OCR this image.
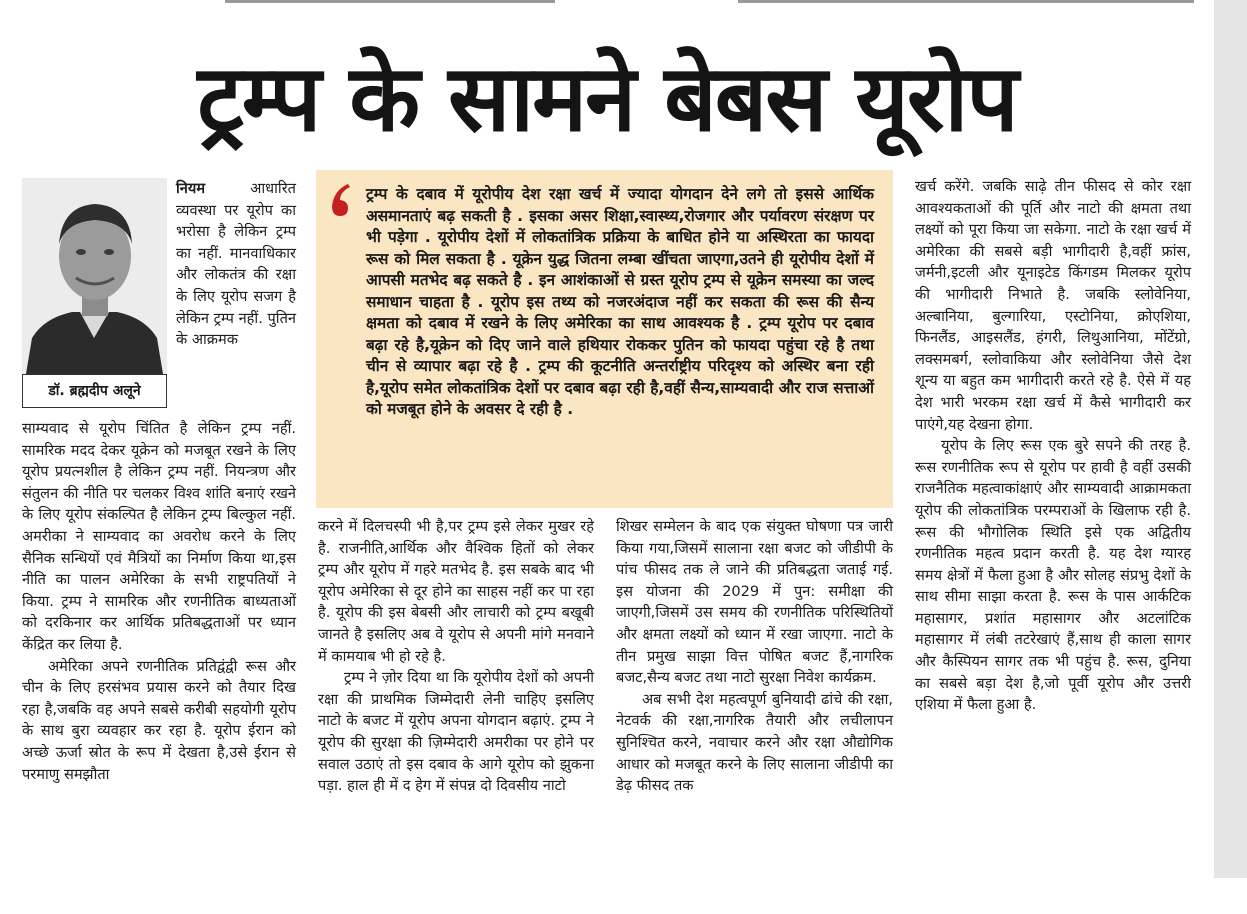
ट्रम्प के सामने बेबस यूरोप
डॉ. ब्रह्मदीप अलूने

नियम	आधारित व्यवस्था पर यूरोप का भरोसा है लेकिन ट्रम्प का नहीं. मानवाधिकार और लोकतंत्र की रक्षा के लिए यूरोप सजग है लेकिन ट्रम्प नहीं. पुतिन के आक्रमक

साम्यवाद से यूरोप चिंतित है लेकिन ट्रम्प नहीं. सामरिक मदद देकर यूक्रेन को मजबूत रखने के लिए यूरोप प्रयत्नशील है लेकिन ट्रम्प नहीं. नियन्त्रण और संतुलन की नीति पर चलकर विश्व शांति बनाएं रखने के लिए यूरोप संकल्पित है लेकिन ट्रम्प बिल्कुल नहीं. अमरीका ने साम्यवाद का अवरोध करने के लिए सैनिक सन्धियों एवं मैत्रियों का निर्माण किया था,इस नीति का पालन अमेरिका के सभी राष्ट्रपतियों ने किया. ट्रम्प ने सामरिक और रणनीतिक बाध्यताओं को दरकिनार कर आर्थिक प्रतिबद्धताओं पर ध्यान केंद्रित कर लिया है.

अमेरिका अपने रणनीतिक प्रतिद्वंद्वी रूस और चीन के लिए हरसंभव प्रयास करने को तैयार दिख रहा है,जबकि वह अपने सबसे करीबी सहयोगी यूरोप के साथ बुरा व्यवहार कर रहा है. यूरोप ईरान को अच्छे ऊर्जा स्रोत के रूप में देखता है,उसे ईरान से परमाणु समझौता

ट्रम्प के दबाव में यूरोपीय देश रक्षा खर्च में ज्यादा योगदान देने लगे तो इससे आर्थिक असमानताएं बढ़ सकती है . इसका असर शिक्षा,स्वास्थ्य,रोजगार और पर्यावरण संरक्षण पर भी पड़ेगा . यूरोपीय देशों में लोकतांत्रिक प्रक्रिया के बाधित होने या अस्थिरता का फायदा रूस को मिल सकता है . यूक्रेन युद्ध जितना लम्बा खींचता जाएगा,उतने ही यूरोपीय देशों में आपसी मतभेद बढ़ सकते है . इन आशंकाओं से ग्रस्त यूरोप ट्रम्प से यूक्रेन समस्या का जल्द समाधान चाहता है . यूरोप इस तथ्य को नजरअंदाज नहीं कर सकता की रूस की सैन्य क्षमता को दबाव में रखने के लिए अमेरिका का साथ आवश्यक है . ट्रम्प यूरोप पर दबाव बढ़ा रहे है,यूक्रेन को दिए जाने वाले हथियार रोककर पुतिन को फायदा पहुंचा रहे है तथा चीन से व्यापार बढ़ा रहे है . ट्रम्प की कूटनीति अन्तर्राष्ट्रीय परिदृश्य को अस्थिर बना रही है,यूरोप समेत लोकतांत्रिक देशों पर दबाव बढ़ा रही है,वहीं सैन्य,साम्यवादी और राज सत्ताओं को मजबूत होने के अवसर दे रही है .

करने में दिलचस्पी भी है,पर ट्रम्प इसे लेकर मुखर रहे है. राजनीति,आर्थिक और वैश्विक हितों को लेकर ट्रम्प और यूरोप में गहरे मतभेद है. इस सबके बाद भी यूरोप अमेरिका से दूर होने का साहस नहीं कर पा रहा है. यूरोप की इस बेबसी और लाचारी को ट्रम्प बखूबी जानते है इसलिए अब वे यूरोप से अपनी मांगे मनवाने में कामयाब भी हो रहे है.

ट्रम्प ने ज़ोर दिया था कि यूरोपीय देशों को अपनी रक्षा की प्राथमिक जिम्मेदारी लेनी चाहिए इसलिए नाटो के बजट में यूरोप अपना योगदान बढ़ाएं. ट्रम्प ने यूरोप की सुरक्षा की ज़िम्मेदारी अमरीका पर होने पर सवाल उठाएं तो इस दबाव के आगे यूरोप को झुकना पड़ा. हाल ही में द हेग में संपन्न दो दिवसीय नाटो

शिखर सम्मेलन के बाद एक संयुक्त घोषणा पत्र जारी किया गया,जिसमें सालाना रक्षा बजट को जीडीपी के पांच फीसद तक ले जाने की प्रतिबद्धता जताई गई. इस योजना की 2029 में पुन: समीक्षा की जाएगी,जिसमें उस समय की रणनीतिक परिस्थितियों और क्षमता लक्ष्यों को ध्यान में रखा जाएगा. नाटो के तीन प्रमुख साझा वित्त पोषित बजट हैं,नागरिक बजट,सैन्य बजट तथा नाटो सुरक्षा निवेश कार्यक्रम.

अब सभी देश महत्वपूर्ण बुनियादी ढांचे की रक्षा, नेटवर्क की रक्षा,नागरिक तैयारी और लचीलापन सुनिश्चित करने, नवाचार करने और रक्षा औद्योगिक आधार को मजबूत करने के लिए सालाना जीडीपी का डेढ़ फीसद तक

खर्च करेंगे. जबकि साढ़े तीन फीसद से कोर रक्षा आवश्यकताओं की पूर्ति और नाटो की क्षमता तथा लक्ष्यों को पूरा किया जा सकेगा. नाटो के रक्षा खर्च में अमेरिका की सबसे बड़ी भागीदारी है,वहीं फ्रांस, जर्मनी,इटली और यूनाइटेड किंगडम मिलकर यूरोप की भागीदारी निभाते है. जबकि स्लोवेनिया, अल्बानिया, बुल्गारिया, एस्टोनिया, क्रोएशिया, फिनलैंड, आइसलैंड, हंगरी, लिथुआनिया, मोंटेंग्रो, लक्समबर्ग, स्लोवाकिया और स्लोवेनिया जैसे देश शून्य या बहुत कम भागीदारी करते रहे है. ऐसे में यह देश भारी भरकम रक्षा खर्च में कैसे भागीदारी कर पाएंगे,यह देखना होगा.

यूरोप के लिए रूस एक बुरे सपने की तरह है. रूस रणनीतिक रूप से यूरोप पर हावी है वहीं उसकी राजनैतिक महत्वाकांक्षाएं और साम्यवादी आक्रामकता यूरोप की लोकतांत्रिक परम्पराओं के खिलाफ रही है. रूस की भौगोलिक स्थिति इसे एक अद्वितीय रणनीतिक महत्व प्रदान करती है. यह देश ग्यारह समय क्षेत्रों में फैला हुआ है और सोलह संप्रभु देशों के साथ सीमा साझा करता है. रूस के पास आर्कटिक महासागर, प्रशांत महासागर और अटलांटिक महासागर में लंबी तटरेखाएं हैं,साथ ही काला सागर और कैस्पियन सागर तक भी पहुंच है. रूस, दुनिया का सबसे बड़ा देश है,जो पूर्वी यूरोप और उत्तरी एशिया में फैला हुआ है.
